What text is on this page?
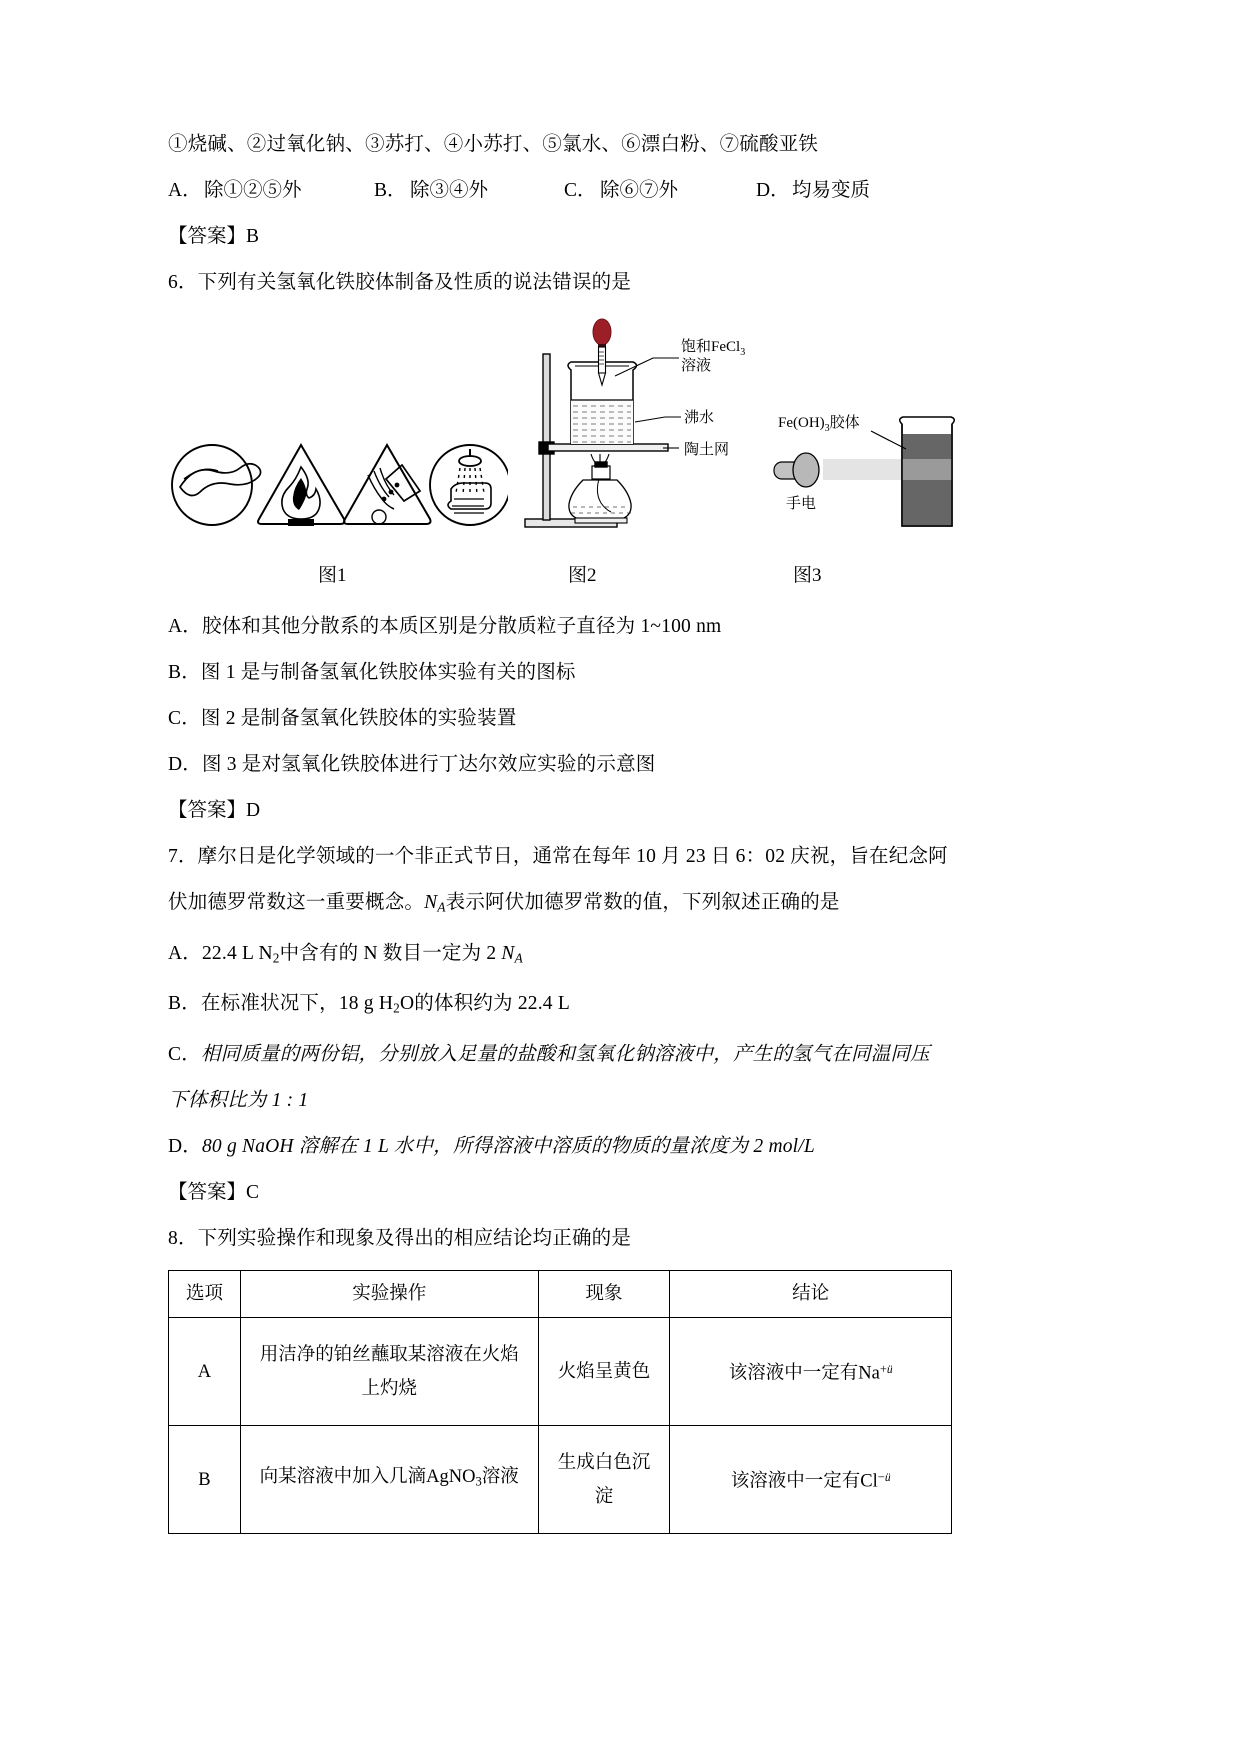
①烧碱、②过氧化钠、③苏打、④小苏打、⑤氯水、⑥漂白粉、⑦硫酸亚铁
A． 除①②⑤外	B． 除③④外	C． 除⑥⑦外	D． 均易变质
【答案】B
6．下列有关氢氧化铁胶体制备及性质的说法错误的是
饱和FeCl$_3$
溶液
沸水
陶土网
手电
$Fe(OH)_3$胶体
图1	图2	图3
A．胶体和其他分散系的本质区别是分散质粒子直径为 1~100 nm
B．图 1 是与制备氢氧化铁胶体实验有关的图标
C．图 2 是制备氢氧化铁胶体的实验装置
D．图 3 是对氢氧化铁胶体进行丁达尔效应实验的示意图
【答案】D
7．摩尔日是化学领域的一个非正式节日，通常在每年 10 月 23 日 6：02 庆祝，旨在纪念阿
伏加德罗常数这一重要概念。$N_A$表示阿伏加德罗常数的值，下列叙述正确的是
A．22.4 L $N_2$中含有的 N 数目一定为 2 $N_A$
B．在标准状况下，18 g $H_2O$的体积约为 22.4 L
C．相同质量的两份铝，分别放入足量的盐酸和氢氧化钠溶液中，产生的氢气在同温同压
下体积比为 1 : 1
D．80 g NaOH 溶解在 1 L 水中，所得溶液中溶质的物质的量浓度为 2 mol/L
【答案】C
8．下列实验操作和现象及得出的相应结论均正确的是
选项	实验操作	现象	结论
A	用洁净的铂丝蘸取某溶液在火焰
上灼烧	火焰呈黄色	该溶液中一定有$Na^{+ü}$
B	向某溶液中加入几滴AgNO$_3$溶液	生成白色沉
淀	该溶液中一定有$Cl^{-ü}$
